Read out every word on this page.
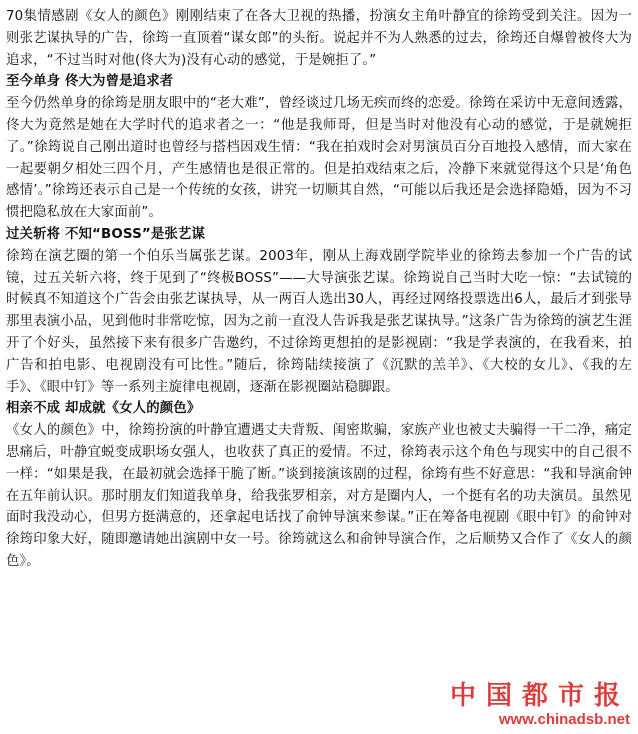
70集情感剧《女人的颜色》刚刚结束了在各大卫视的热播，扮演女主角叶静宜的徐筠受到关注。因为一则张艺谋执导的广告，徐筠一直顶着“谋女郎”的头衔。说起并不为人熟悉的过去，徐筠还自爆曾被佟大为追求，“不过当时对他(佟大为)没有心动的感觉，于是婉拒了。”

至今单身 佟大为曾是追求者

至今仍然单身的徐筠是朋友眼中的“老大难”，曾经谈过几场无疾而终的恋爱。徐筠在采访中无意间透露，佟大为竟然是她在大学时代的追求者之一：“他是我师哥，但是当时对他没有心动的感觉，于是就婉拒了。”徐筠说自己刚出道时也曾经与搭档因戏生情：“我在拍戏时会对男演员百分百地投入感情，而大家在一起要朝夕相处三四个月，产生感情也是很正常的。但是拍戏结束之后，冷静下来就觉得这个只是‘角色感情’。”徐筠还表示自己是一个传统的女孩，讲究一切顺其自然，“可能以后我还是会选择隐婚，因为不习惯把隐私放在大家面前”。

过关斩将 不知“BOSS”是张艺谋

徐筠在演艺圈的第一个伯乐当属张艺谋。2003年，刚从上海戏剧学院毕业的徐筠去参加一个广告的试镜，过五关斩六将，终于见到了“终极BOSS”——大导演张艺谋。徐筠说自己当时大吃一惊：“去试镜的时候真不知道这个广告会由张艺谋执导，从一两百人选出30人，再经过网络投票选出6人，最后才到张导那里表演小品，见到他时非常吃惊，因为之前一直没人告诉我是张艺谋执导。”这条广告为徐筠的演艺生涯开了个好头，虽然接下来有很多广告邀约，不过徐筠更想拍的是影视剧：“我是学表演的，在我看来，拍广告和拍电影、电视剧没有可比性。”随后，徐筠陆续接演了《沉默的羔羊》、《大校的女儿》、《我的左手》、《眼中钉》等一系列主旋律电视剧，逐渐在影视圈站稳脚跟。

相亲不成 却成就《女人的颜色》

《女人的颜色》中，徐筠扮演的叶静宜遭遇丈夫背叛、闺密欺骗，家族产业也被丈夫骗得一干二净，痛定思痛后，叶静宜蜕变成职场女强人，也收获了真正的爱情。不过，徐筠表示这个角色与现实中的自己很不一样：“如果是我，在最初就会选择干脆了断。”谈到接演该剧的过程，徐筠有些不好意思：“我和导演俞钟在五年前认识。那时朋友们知道我单身，给我张罗相亲，对方是圈内人，一个挺有名的功夫演员。虽然见面时我没动心，但男方挺满意的，还拿起电话找了俞钟导演来参谋。”正在筹备电视剧《眼中钉》的俞钟对徐筠印象大好，随即邀请她出演剧中女一号。徐筠就这么和俞钟导演合作，之后顺势又合作了《女人的颜色》。

中国都市报
www.chinadsb.net
